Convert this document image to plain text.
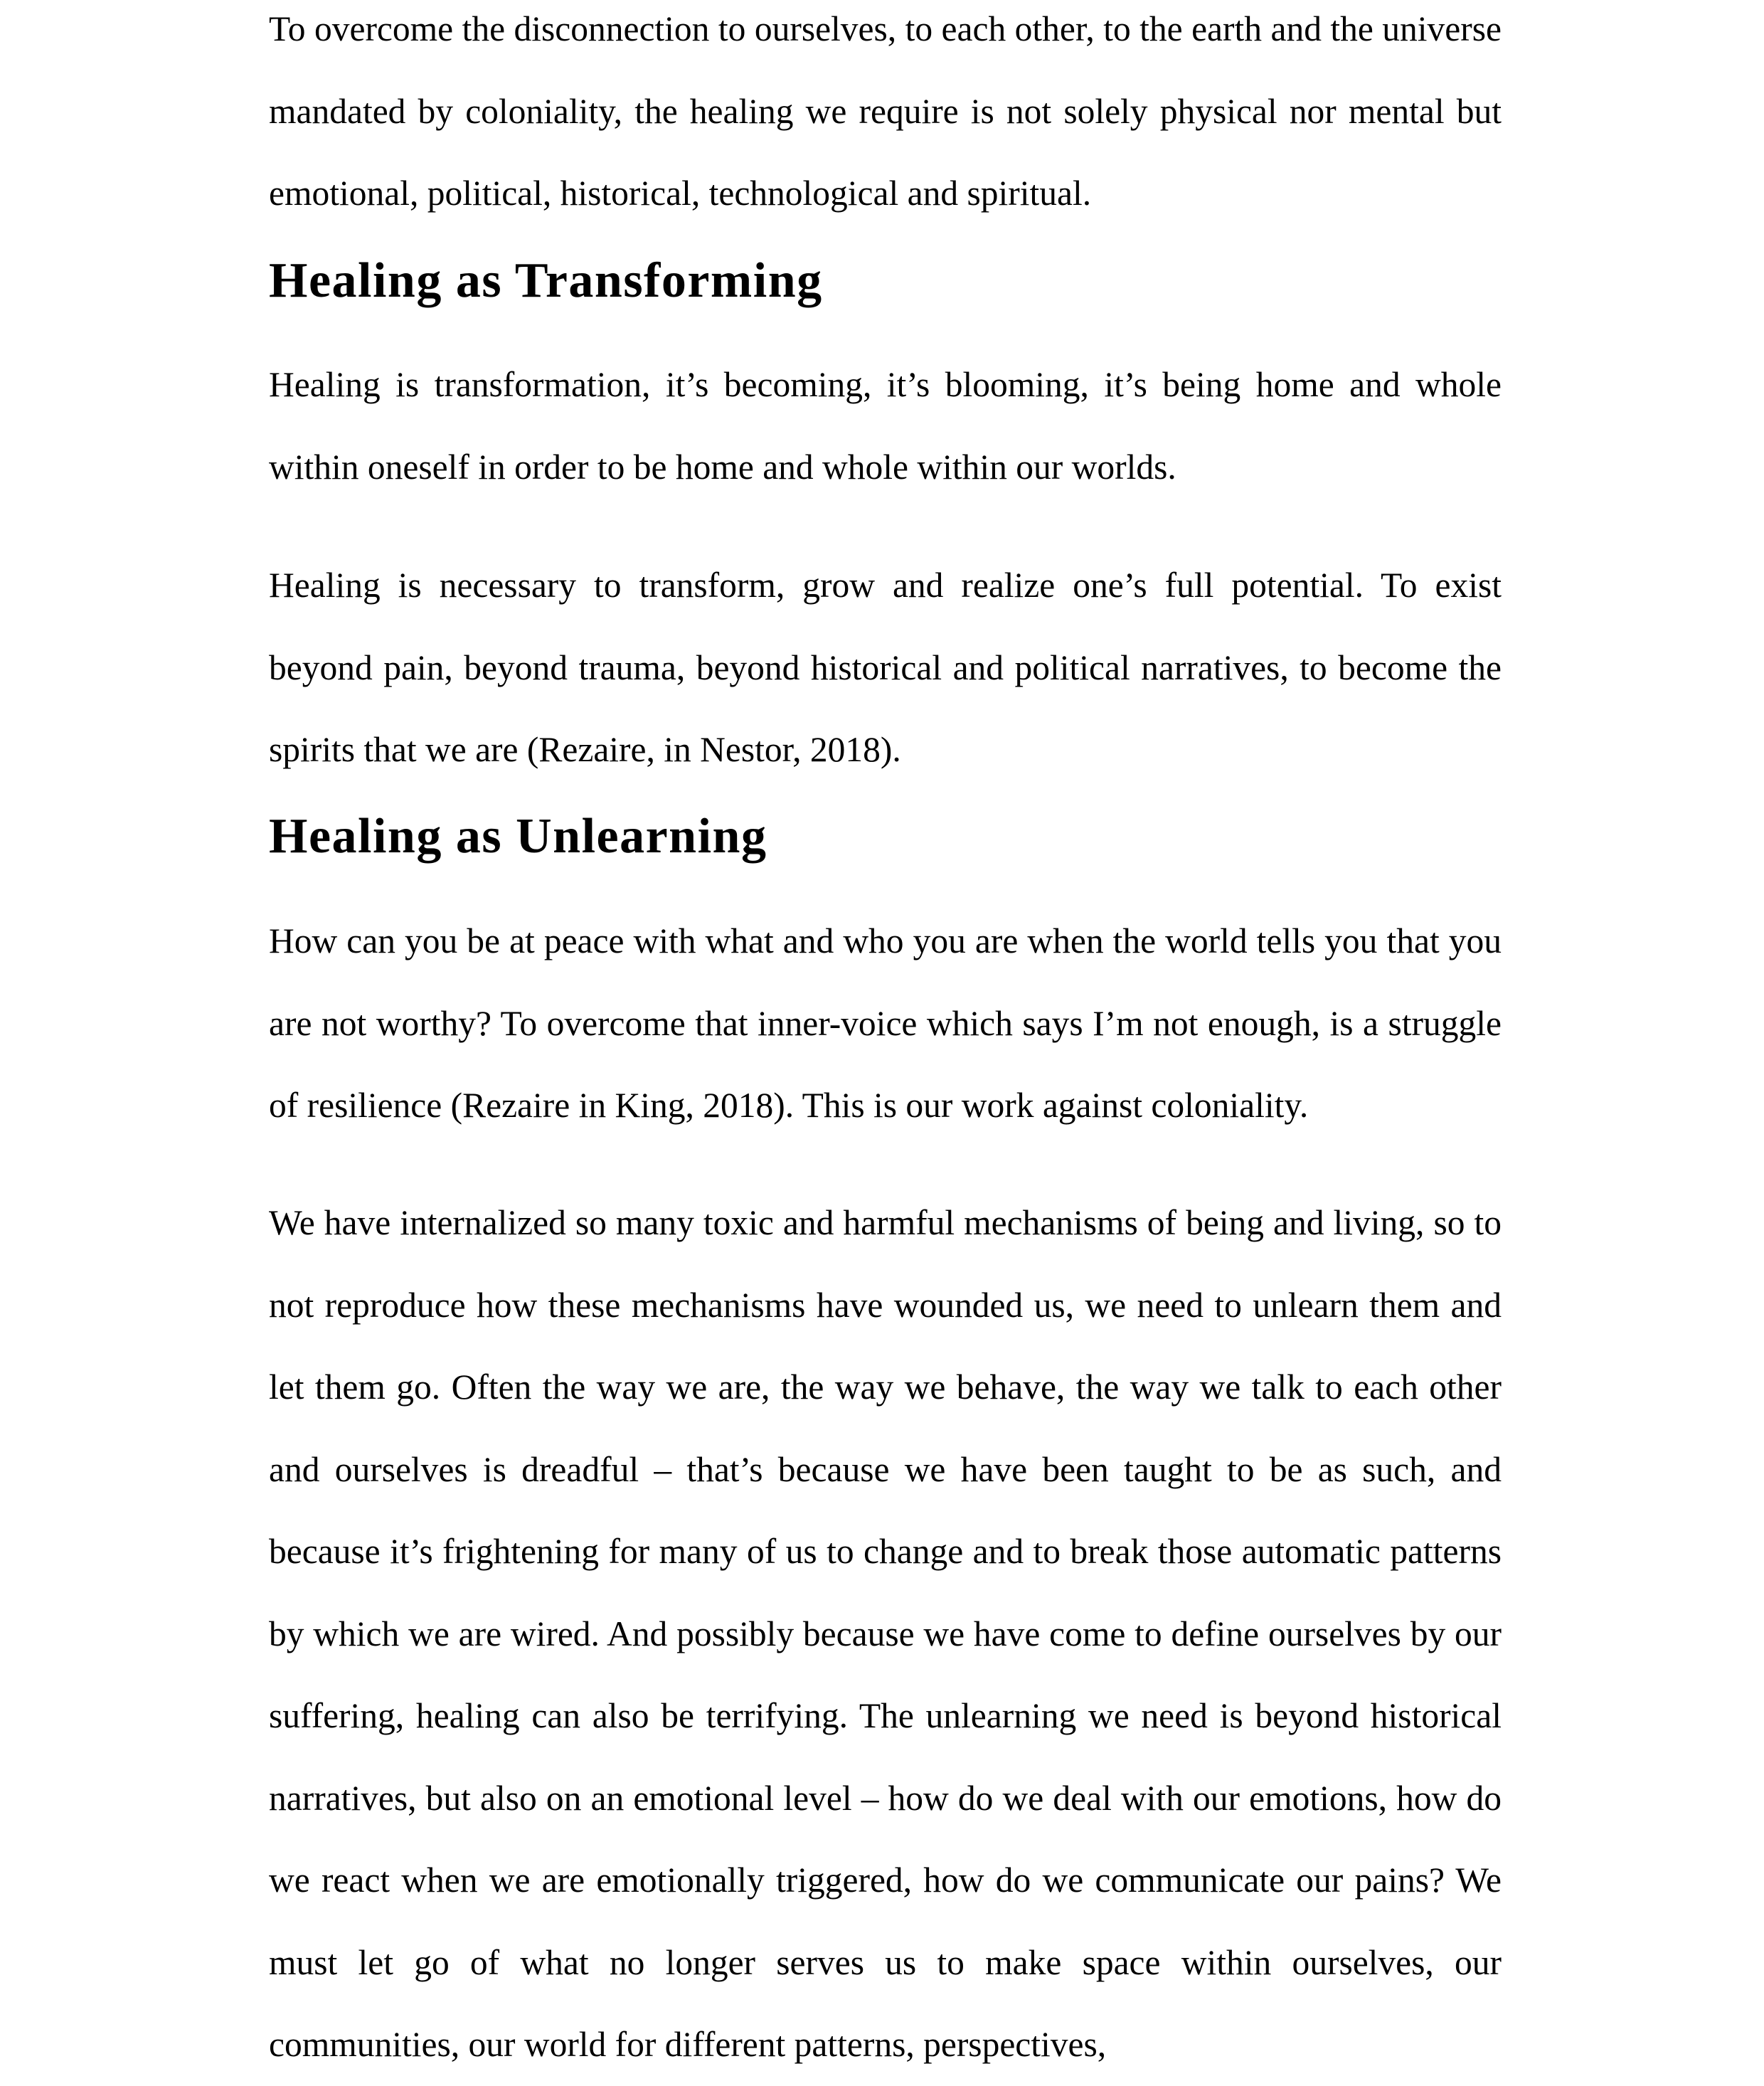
To overcome the disconnection to ourselves, to each other, to the earth and the universe mandated by coloniality, the healing we require is not solely physical nor mental but emotional, political, historical, technological and spiritual.

Healing as Transforming

Healing is transformation, it’s becoming, it’s blooming, it’s being home and whole within oneself in order to be home and whole within our worlds.

Healing is necessary to transform, grow and realize one’s full potential. To exist beyond pain, beyond trauma, beyond historical and political narratives, to become the spirits that we are (Rezaire, in Nestor, 2018).

Healing as Unlearning

How can you be at peace with what and who you are when the world tells you that you are not worthy? To overcome that inner-voice which says I’m not enough, is a struggle of resilience (Rezaire in King, 2018). This is our work against coloniality.

We have internalized so many toxic and harmful mechanisms of being and living, so to not reproduce how these mechanisms have wounded us, we need to unlearn them and let them go. Often the way we are, the way we behave, the way we talk to each other and ourselves is dreadful – that’s because we have been taught to be as such, and because it’s frightening for many of us to change and to break those automatic patterns by which we are wired. And possibly because we have come to define ourselves by our suffering, healing can also be terrifying. The unlearning we need is beyond historical narratives, but also on an emotional level – how do we deal with our emotions, how do we react when we are emotionally triggered, how do we communicate our pains? We must let go of what no longer serves us to make space within ourselves, our communities, our world for different patterns, perspectives,
